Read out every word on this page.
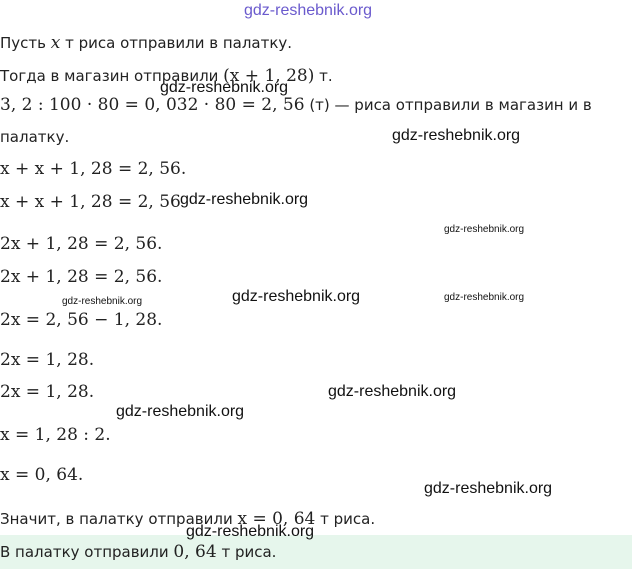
gdz-reshebnik.org
Пусть x т риса отправили в палатку.
Тогда в магазин отправили (x + 1, 28) т.
3, 2 : 100 · 80 = 0, 032 · 80 = 2, 56 (т) — риса отправили в магазин и в
палатку.
x + x + 1, 28 = 2, 56.
x + x + 1, 28 = 2, 56
2x + 1, 28 = 2, 56.
2x + 1, 28 = 2, 56.
2x = 2, 56 − 1, 28.
2x = 1, 28.
2x = 1, 28.
x = 1, 28 : 2.
x = 0, 64.
Значит, в палатку отправили x = 0, 64 т риса.
В палатку отправили 0, 64 т риса.
gdz-reshebnik.org
gdz-reshebnik.org
gdz-reshebnik.org
gdz-reshebnik.org
gdz-reshebnik.org	gdz-reshebnik.org	gdz-reshebnik.org
gdz-reshebnik.org
gdz-reshebnik.org
gdz-reshebnik.org
gdz-reshebnik.org
